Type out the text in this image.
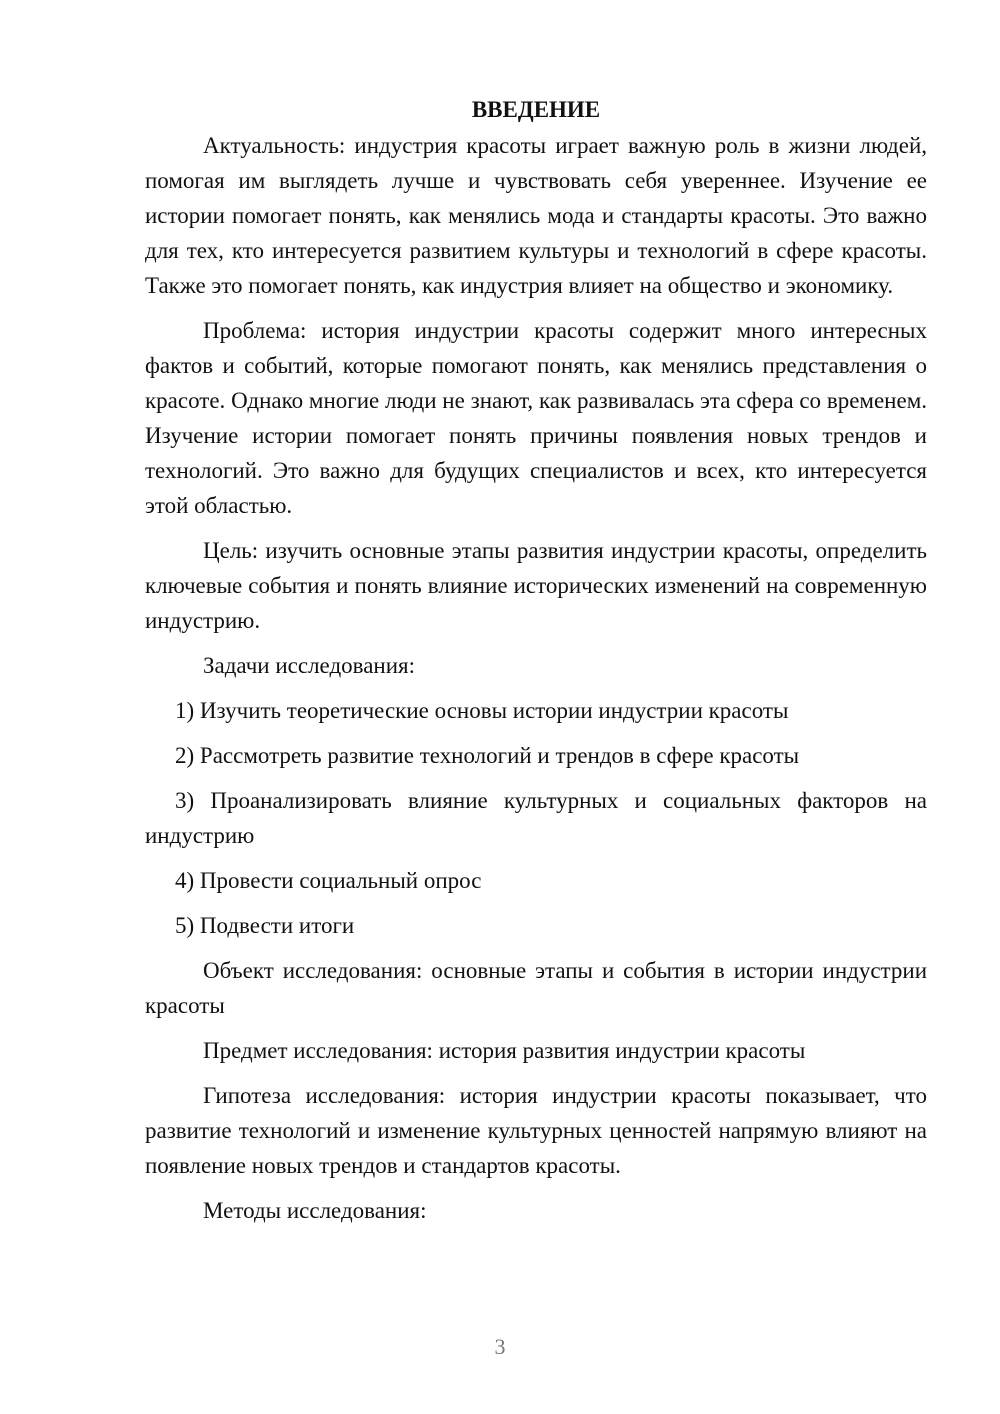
ВВЕДЕНИЕ

Актуальность: индустрия красоты играет важную роль в жизни людей, помогая им выглядеть лучше и чувствовать себя увереннее. Изучение ее истории помогает понять, как менялись мода и стандарты красоты. Это важно для тех, кто интересуется развитием культуры и технологий в сфере красоты. Также это помогает понять, как индустрия влияет на общество и экономику.

Проблема: история индустрии красоты содержит много интересных фактов и событий, которые помогают понять, как менялись представления о красоте. Однако многие люди не знают, как развивалась эта сфера со временем. Изучение истории помогает понять причины появления новых трендов и технологий. Это важно для будущих специалистов и всех, кто интересуется этой областью.

Цель: изучить основные этапы развития индустрии красоты, определить ключевые события и понять влияние исторических изменений на современную индустрию.

Задачи исследования:

1) Изучить теоретические основы истории индустрии красоты

2) Рассмотреть развитие технологий и трендов в сфере красоты

3) Проанализировать влияние культурных и социальных факторов на индустрию

4) Провести социальный опрос

5) Подвести итоги

Объект исследования: основные этапы и события в истории индустрии красоты

Предмет исследования: история развития индустрии красоты

Гипотеза исследования: история индустрии красоты показывает, что развитие технологий и изменение культурных ценностей напрямую влияют на появление новых трендов и стандартов красоты.

Методы исследования:

3
